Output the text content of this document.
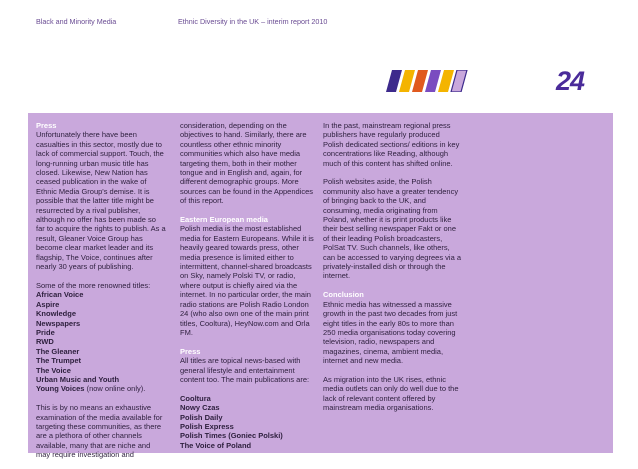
Black and Minority Media	Ethnic Diversity in the UK – interim report 2010
24
Press

Unfortunately there have been casualties in this sector, mostly due to lack of commercial support. Touch, the long-running urban music title has closed. Likewise, New Nation has ceased publication in the wake of Ethnic Media Group's demise. It is possible that the latter title might be resurrected by a rival publisher, although no offer has been made so far to acquire the rights to publish. As a result, Gleaner Voice Group has become clear market leader and its flagship, The Voice, continues after nearly 30 years of publishing.

Some of the more renowned titles:

African Voice
Aspire
Knowledge
Newspapers
Pride
RWD
The Gleaner
The Trumpet
The Voice
Urban Music and Youth
Young Voices (now online only).

This is by no means an exhaustive examination of the media available for targeting these communities, as there are a plethora of other channels available, many that are niche and may require investigation and

consideration, depending on the objectives to hand. Similarly, there are countless other ethnic minority communities which also have media targeting them, both in their mother tongue and in English and, again, for different demographic groups. More sources can be found in the Appendices of this report.

Eastern European media

Polish media is the most established media for Eastern Europeans. While it is heavily geared towards press, other media presence is limited either to intermittent, channel-shared broadcasts on Sky, namely Polski TV, or radio, where output is chiefly aired via the internet. In no particular order, the main radio stations are Polish Radio London 24 (who also own one of the main print titles, Cooltura), HeyNow.com and Orla FM.

Press

All titles are topical news-based with general lifestyle and entertainment content too. The main publications are:

Cooltura
Nowy Czas
Polish Daily
Polish Express
Polish Times (Goniec Polski)
The Voice of Poland

In the past, mainstream regional press publishers have regularly produced Polish dedicated sections/ editions in key concentrations like Reading, although much of this content has shifted online.

Polish websites aside, the Polish community also have a greater tendency of bringing back to the UK, and consuming, media originating from Poland, whether it is print products like their best selling newspaper Fakt or one of their leading Polish broadcasters, PolSat TV. Such channels, like others, can be accessed to varying degrees via a privately-installed dish or through the internet.

Conclusion

Ethnic media has witnessed a massive growth in the past two decades from just eight titles in the early 80s to more than 250 media organisations today covering television, radio, newspapers and magazines, cinema, ambient media, internet and new media.

As migration into the UK rises, ethnic media outlets can only do well due to the lack of relevant content offered by mainstream media organisations.
